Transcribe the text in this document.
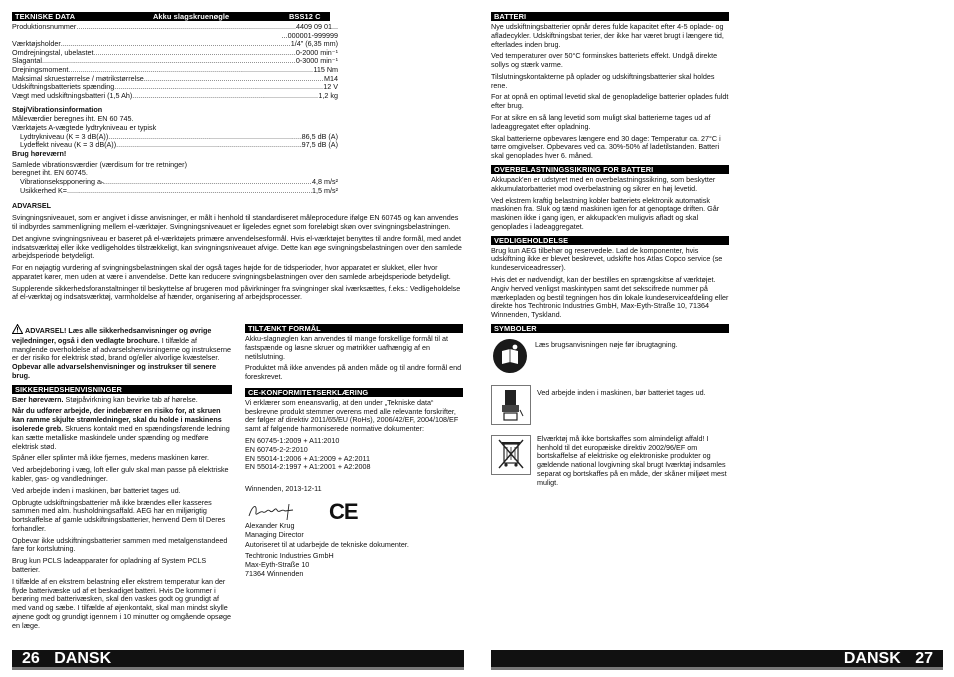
TEKNISKE DATA	Akku slagskruenøgle	BSS12 C
Produktionsnummer .....	4409 09 01...
...000001-999999
Værktøjsholder .....	1/4" (6,35 mm)
Omdrejningstal, ubelastet .....	0-2000 min⁻¹
Slagantal .....	0-3000 min⁻¹
Drejningsmoment .....	115 Nm
Maksimal skruestørrelse / møtrikstørrelse .....	M14
Udskiftningsbatteriets spænding .....	12 V
Vægt med udskiftningsbatteri (1,5 Ah) .....	1,2 kg
Støj/Vibrationsinformation
Måleværdier beregnes iht. EN 60 745.
Værktøjets A-vægtede lydtrykniveau er typisk
Lydtrykniveau (K = 3 dB(A)) .....	86,5 dB (A)
Lydeffekt niveau (K = 3 dB(A)) .....	97,5 dB (A)
Brug høreværn!
Samlede vibrationsværdier (værdisum for tre retninger)
beregnet iht. EN 60745.
Vibrationsekspponering aₕ .....	4,8 m/s²
Usikkerhed K= .....	1,5 m/s²
ADVARSEL

Svingningsniveauet, som er angivet i disse anvisninger, er målt i henhold til standardiseret måleprocedure ifølge EN 60745 og kan anvendes til indbyrdes sammenligning mellem el-værktøjer. Svingningsniveauet er ligeledes egnet som foreløbigt skøn over svingningsbelastningen.

Det angivne svingningsniveau er baseret på el-værktøjets primære anvendelsesformål. Hvis el-værktøjet benyttes til andre formål, med andet indsatsværktøj eller ikke vedligeholdes tilstrækkeligt, kan svingningsniveauet afvige. Dette kan øge svingningsbelastningen over den samlede arbejdsperiode betydeligt.

For en nøjagtig vurdering af svingningsbelastningen skal der også tages højde for de tidsperioder, hvor apparatet er slukket, eller hvor apparatet kører, men uden at være i anvendelse. Dette kan reducere svingningsbelastningen over den samlede arbejdsperiode betydeligt.

Supplerende sikkerhedsforanstaltninger til beskyttelse af brugeren mod påvirkninger fra svingninger skal iværksættes, f.eks.: Vedligeholdelse af el-værktøj og indsatsværktøj, varmholdelse af hænder, organisering af arbejdsprocesser.

ADVARSEL! Læs alle sikkerhedsanvisninger og øvrige vejledninger, også i den vedlagte brochure. I tilfælde af manglende overholdelse af advarselshenvisningerne og instrukserne er der risiko for elektrisk stød, brand og/eller alvorlige kvæstelser.
Opbevar alle advarselshenvisninger og instrukser til senere brug.

SIKKERHEDSHENVISNINGER

Bær høreværn. Støjpåvirkning kan bevirke tab af hørelse.

Når du udfører arbejde, der indebærer en risiko for, at skruen kan ramme skjulte strømledninger, skal du holde i maskinens isolerede greb. Skruens kontakt med en spændingsførende ledning kan sætte metalliske maskindele under spænding og medføre elektrisk stød.

Spåner eller splinter må ikke fjernes, medens maskinen kører.

Ved arbejdeboring i væg, loft eller gulv skal man passe på elektriske kabler, gas- og vandledninger.

Ved arbejde inden i maskinen, bør batteriet tages ud.

Opbrugte udskiftningsbatterier må ikke brændes eller kasseres sammen med alm. husholdningsaffald. AEG har en miljørigtig bortskaffelse af gamle udskiftningsbatterier, henvend Dem til Deres forhandler.

Opbevar ikke udskiftningsbatterier sammen med metalgenstandeed fare for kortslutning.

Brug kun PCLS ladeapparater for opladning af System PCLS batterier.

I tilfælde af en ekstrem belastning eller ekstrem temperatur kan der flyde batterivæske ud af et beskadiget batteri. Hvis De kommer i berøring med batterivæsken, skal den vaskes godt og grundigt af med vand og sæbe. I tilfælde af øjenkontakt, skal man mindst skylle øjnene godt og grundigt igennem i 10 minutter og omgående opsøge en læge.

TILTÆNKT FORMÅL

Akku-slagnøglen kan anvendes til mange forskellige formål til at fastspænde og løsne skruer og møtrikker uafhængig af en netilslutning.

Produktet må ikke anvendes på anden måde og til andre formål end foreskrevet.

CE-KONFORMITETSERKLÆRING

Vi erklærer som eneansvarlig, at den under „Tekniske data“ beskrevne produkt stemmer overens med alle relevante forskrifter, der følger af direktiv 2011/65/EU (RoHs), 2006/42/EF, 2004/108/EF samt af følgende harmoniserede normative dokumenter:

EN 60745-1:2009 + A11:2010
EN 60745-2-2:2010
EN 55014-1:2006 + A1:2009 + A2:2011
EN 55014-2:1997 + A1:2001 + A2:2008
Winnenden, 2013-12-11
CE
Alexander Krug
Managing Director
Autoriseret til at udarbejde de tekniske dokumenter.
Techtronic Industries GmbH
Max-Eyth-Straße 10
71364 Winnenden
BATTERI

Nye udskiftningsbatterier opnår deres fulde kapacitet efter 4-5 oplade- og afladecykler. Udskiftningsbat terier, der ikke har været brugt i længere tid, efterlades inden brug.

Ved temperaturer over 50°C forminskes batteriets effekt. Undgå direkte sollys og stærk varme.

Tilslutningskontakterne på oplader og udskiftningsbatterier skal holdes rene.

For at opnå en optimal levetid skal de genopladelige batterier oplades fuldt efter brug.

For at sikre en så lang levetid som muligt skal batterierne tages ud af ladeaggregatet efter opladning.

Skal batterierne opbevares længere end 30 dage: Temperatur ca. 27°C i tørre omgivelser. Opbevares ved ca. 30%-50% af ladetilstanden. Batteri skal genoplades hver 6. måned.

OVERBELASTNINGSSIKRING FOR BATTERI

Akkupack'en er udstyret med en overbelastningssikring, som beskytter akkumulatorbatteriet mod overbelastning og sikrer en høj levetid.

Ved ekstrem kraftig belastning kobler batteriets elektronik automatisk maskinen fra. Sluk og tænd maskinen igen for at genoptage driften. Går maskinen ikke i gang igen, er akkupack'en muligvis afladt og skal genoplades i ladeaggregatet.

VEDLIGEHOLDELSE

Brug kun AEG tilbehør og reservedele. Lad de komponenter, hvis udskiftning ikke er blevet beskrevet, udskifte hos Atlas Copco service (se kundeserviceadresser).

Hvis det er nødvendigt, kan der bestilles en sprængskitse af værktøjet. Angiv herved venligst maskintypen samt det sekscifrede nummer på mærkepladen og bestil tegningen hos din lokale kundeserviceafdeling eller direkte hos Techtronic Industries GmbH, Max-Eyth-Straße 10, 71364 Winnenden, Tyskland.

SYMBOLER
Læs brugsanvisningen nøje før ibrugtagning.
Ved arbejde inden i maskinen, bør batteriet tages ud.
Elværktøj må ikke bortskaffes som almindeligt affald! I henhold til det europæiske direktiv 2002/96/EF om bortskaffelse af elektriske og elektroniske produkter og gældende national lovgivning skal brugt Iværktøj indsamles separat og bortskaffes på en måde, der skåner miljøet mest muligt.
26 DANSK	DANSK 27
